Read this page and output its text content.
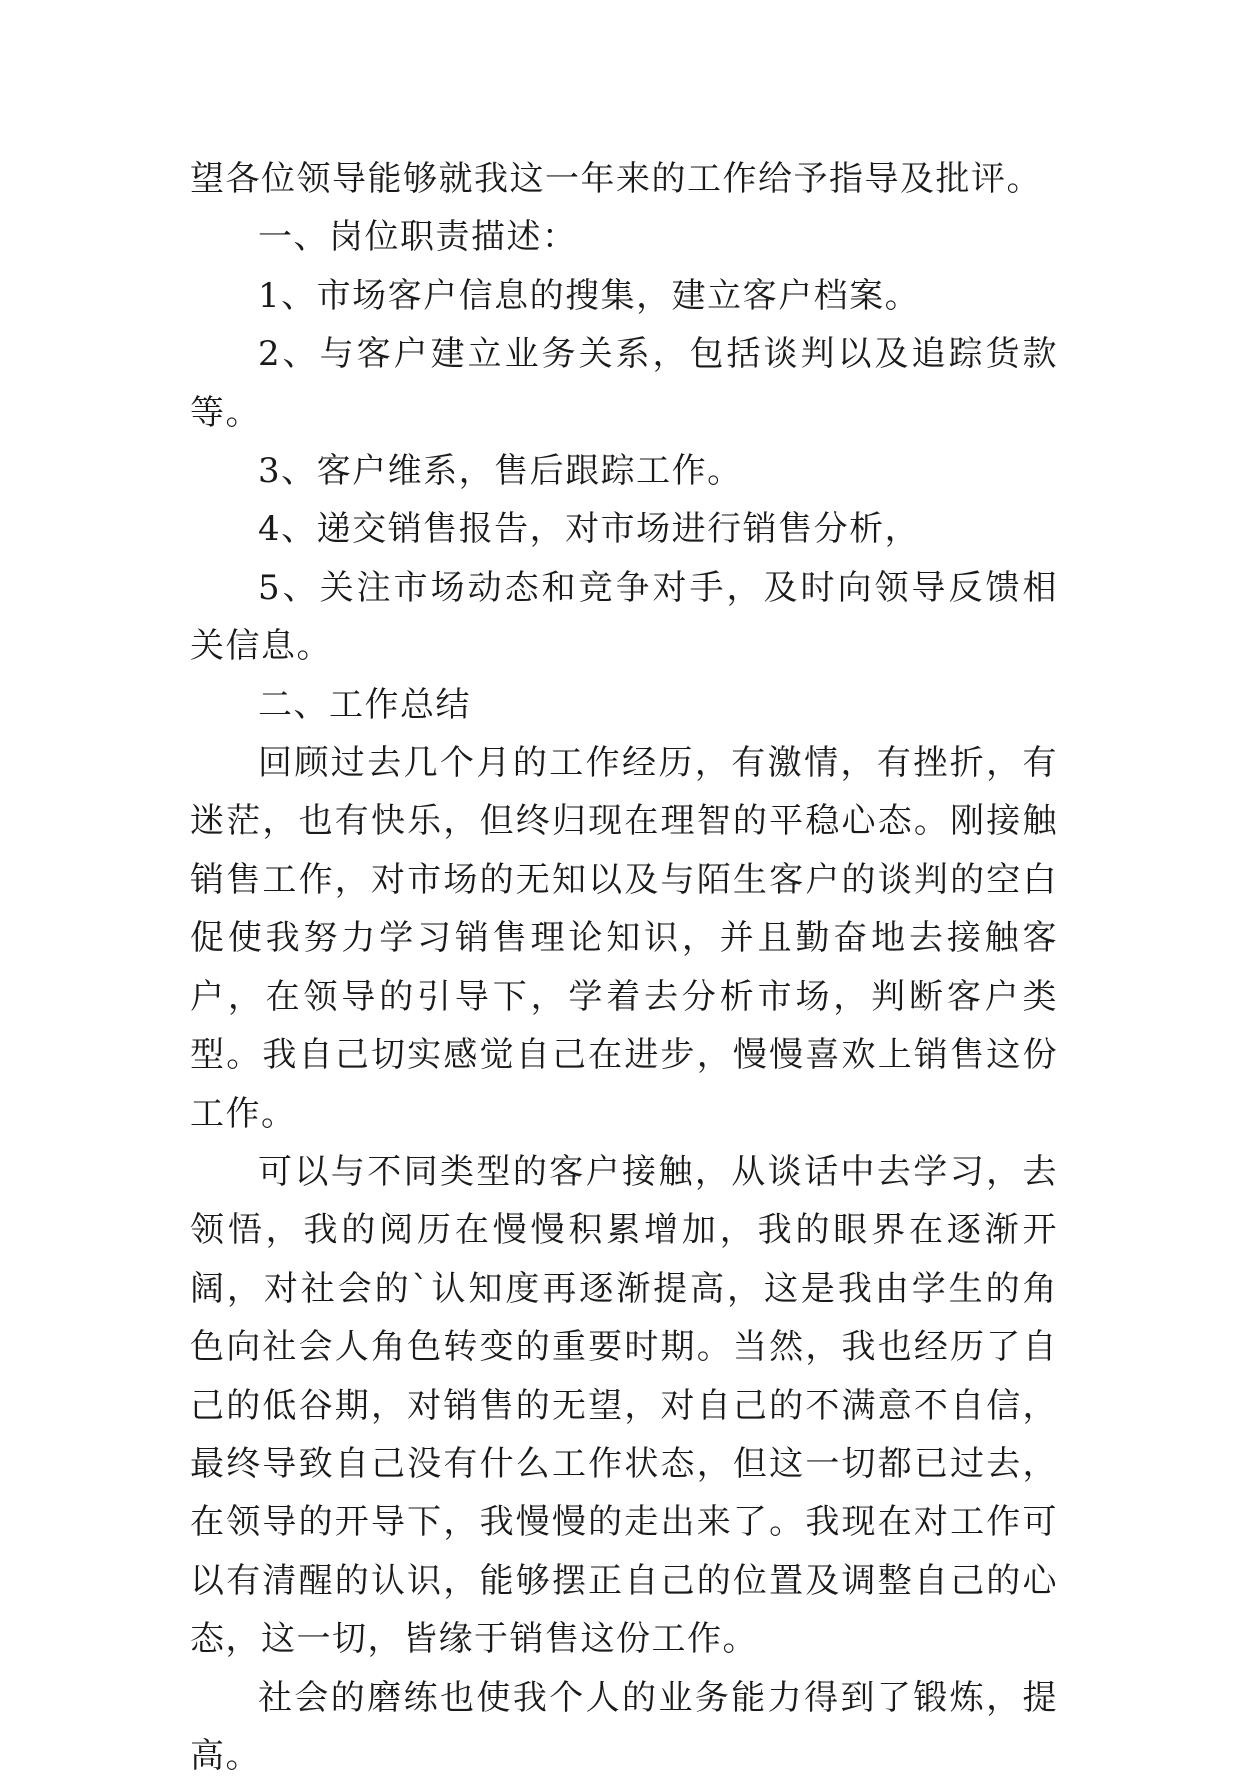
望各位领导能够就我这一年来的工作给予指导及批评。

一、岗位职责描述：

1、市场客户信息的搜集，建立客户档案。

2、与客户建立业务关系，包括谈判以及追踪货款等。

3、客户维系，售后跟踪工作。

4、递交销售报告，对市场进行销售分析，

5、关注市场动态和竞争对手，及时向领导反馈相关信息。

二、工作总结

回顾过去几个月的工作经历，有激情，有挫折，有迷茫，也有快乐，但终归现在理智的平稳心态。刚接触销售工作，对市场的无知以及与陌生客户的谈判的空白促使我努力学习销售理论知识，并且勤奋地去接触客户，在领导的引导下，学着去分析市场，判断客户类型。我自己切实感觉自己在进步，慢慢喜欢上销售这份工作。

可以与不同类型的客户接触，从谈话中去学习，去领悟，我的阅历在慢慢积累增加，我的眼界在逐渐开阔，对社会的`认知度再逐渐提高，这是我由学生的角色向社会人角色转变的重要时期。当然，我也经历了自己的低谷期，对销售的无望，对自己的不满意不自信，最终导致自己没有什么工作状态，但这一切都已过去，在领导的开导下，我慢慢的走出来了。我现在对工作可以有清醒的认识，能够摆正自己的位置及调整自己的心态，这一切，皆缘于销售这份工作。

社会的磨练也使我个人的业务能力得到了锻炼，提高。
